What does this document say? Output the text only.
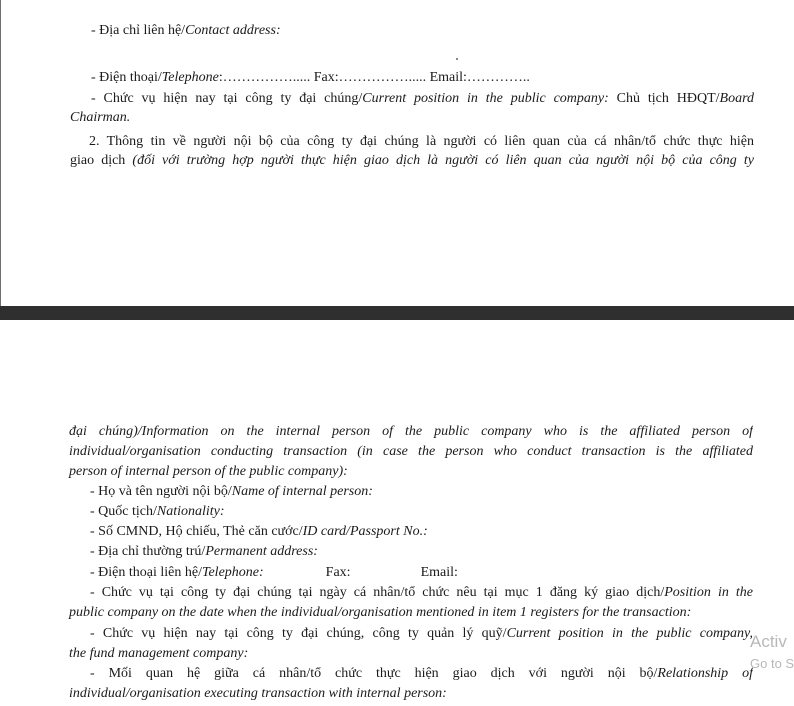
- Địa chỉ liên hệ/Contact address:
- Điện thoại/Telephone:……………..... Fax:……………..... Email:…………..
- Chức vụ hiện nay tại công ty đại chúng/Current position in the public company: Chủ tịch HĐQT/Board
Chairman.
2. Thông tin về người nội bộ của công ty đại chúng là người có liên quan của cá nhân/tổ chức thực hiện
giao dịch (đối với trường hợp người thực hiện giao dịch là người có liên quan của người nội bộ của công ty
đại chúng)/Information on the internal person of the public company who is the affiliated person of
individual/organisation conducting transaction (in case the person who conduct transaction is the affiliated
person of internal person of the public company):
- Họ và tên người nội bộ/Name of internal person:
- Quốc tịch/Nationality:
- Số CMND, Hộ chiếu, Thẻ căn cước/ID card/Passport No.:
- Địa chỉ thường trú/Permanent address:
- Điện thoại liên hệ/Telephone:	Fax:	Email:
- Chức vụ tại công ty đại chúng tại ngày cá nhân/tổ chức nêu tại mục 1 đăng ký giao dịch/Position in the
public company on the date when the individual/organisation mentioned in item 1 registers for the transaction:
- Chức vụ hiện nay tại công ty đại chúng, công ty quản lý quỹ/Current position in the public company,
the fund management company:
- Mối quan hệ giữa cá nhân/tổ chức thực hiện giao dịch với người nội bộ/Relationship of
individual/organisation executing transaction with internal person:
Activ
Go to S
